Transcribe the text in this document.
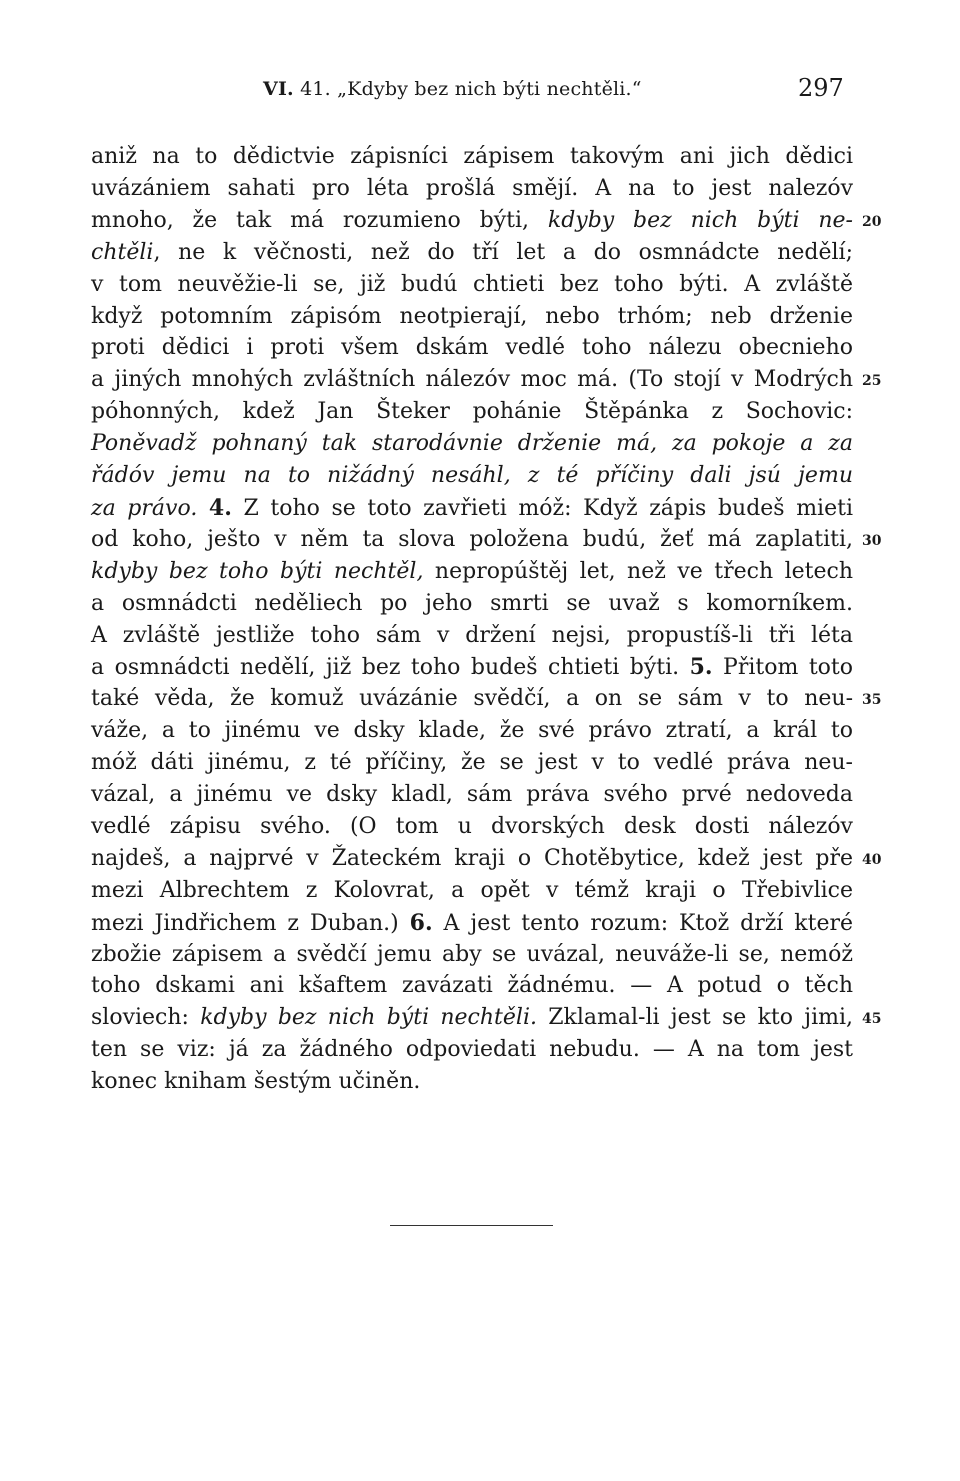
VI. 41. „Kdyby bez nich býti nechtěli.“	297
aniž na to dědictvie zápisníci zápisem takovým ani jich dědici
uvázániem sahati pro léta prošlá smějí. A na to jest nalezóv
mnoho, že tak má rozumieno býti, kdyby bez nich býti ne-
chtěli, ne k věčnosti, než do tří let a do osmnádcte nedělí;
v tom neuvěžie-li se, již budú chtieti bez toho býti. A zvláště
když potomním zápisóm neotpierají, nebo trhóm; neb drženie
proti dědici i proti všem dskám vedlé toho nálezu obecnieho
a jiných mnohých zvláštních nálezóv moc má. (To stojí v Modrých
póhonných, kdež Jan Šteker pohánie Štěpánka z Sochovic:
Poněvadž pohnaný tak starodávnie drženie má, za pokoje a za
řádóv jemu na to nižádný nesáhl, z té příčiny dali jsú jemu
za právo. 4. Z toho se toto zavřieti móž: Když zápis budeš mieti
od koho, ješto v něm ta slova položena budú, žeť má zaplatiti,
kdyby bez toho býti nechtěl, nepropúštěj let, než ve třech letech
a osmnádcti neděliech po jeho smrti se uvaž s komorníkem.
A zvláště jestliže toho sám v držení nejsi, propustíš-li tři léta
a osmnádcti nedělí, již bez toho budeš chtieti býti. 5. Přitom toto
také věda, že komuž uvázánie svědčí, a on se sám v to neu-
váže, a to jinému ve dsky klade, že své právo ztratí, a král to
móž dáti jinému, z té příčiny, že se jest v to vedlé práva neu-
vázal, a jinému ve dsky kladl, sám práva svého prvé nedoveda
vedlé zápisu svého. (O tom u dvorských desk dosti nálezóv
najdeš, a najprvé v Žateckém kraji o Chotěbytice, kdež jest pře
mezi Albrechtem z Kolovrat, a opět v témž kraji o Třebivlice
mezi Jindřichem z Duban.) 6. A jest tento rozum: Ktož drží které
zbožie zápisem a svědčí jemu aby se uvázal, neuváže-li se, nemóž
toho dskami ani kšaftem zavázati žádnému. — A potud o těch
sloviech: kdyby bez nich býti nechtěli. Zklamal-li jest se kto jimi,
ten se viz: já za žádného odpoviedati nebudu. — A na tom jest
konec kniham šestým učiněn.
20
25
30
35
40
45
